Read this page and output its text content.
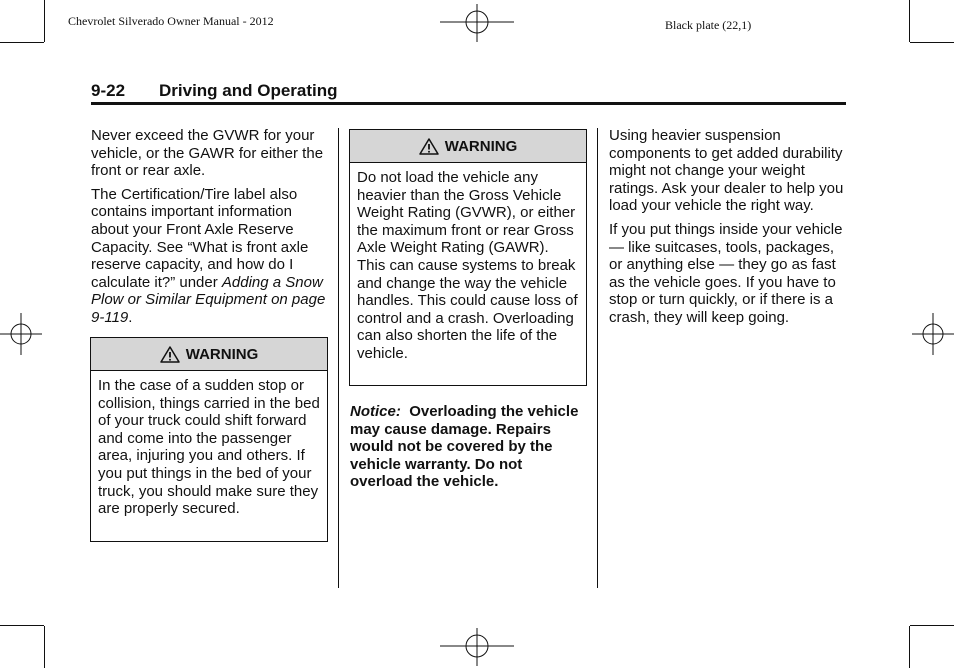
Chevrolet Silverado Owner Manual - 2012	Black plate (22,1)
9-22 Driving and Operating

Never exceed the GVWR for your vehicle, or the GAWR for either the front or rear axle.

The Certification/Tire label also contains important information about your Front Axle Reserve Capacity. See “What is front axle reserve capacity, and how do I calculate it?” under Adding a Snow Plow or Similar Equipment on page 9-119.

WARNING
In the case of a sudden stop or collision, things carried in the bed of your truck could shift forward and come into the passenger area, injuring you and others. If you put things in the bed of your truck, you should make sure they are properly secured.
WARNING
Do not load the vehicle any heavier than the Gross Vehicle Weight Rating (GVWR), or either the maximum front or rear Gross Axle Weight Rating (GAWR). This can cause systems to break and change the way the vehicle handles. This could cause loss of control and a crash. Overloading can also shorten the life of the vehicle.
Notice: Overloading the vehicle may cause damage. Repairs would not be covered by the vehicle warranty. Do not overload the vehicle.

Using heavier suspension components to get added durability might not change your weight ratings. Ask your dealer to help you load your vehicle the right way.

If you put things inside your vehicle — like suitcases, tools, packages, or anything else — they go as fast as the vehicle goes. If you have to stop or turn quickly, or if there is a crash, they will keep going.
